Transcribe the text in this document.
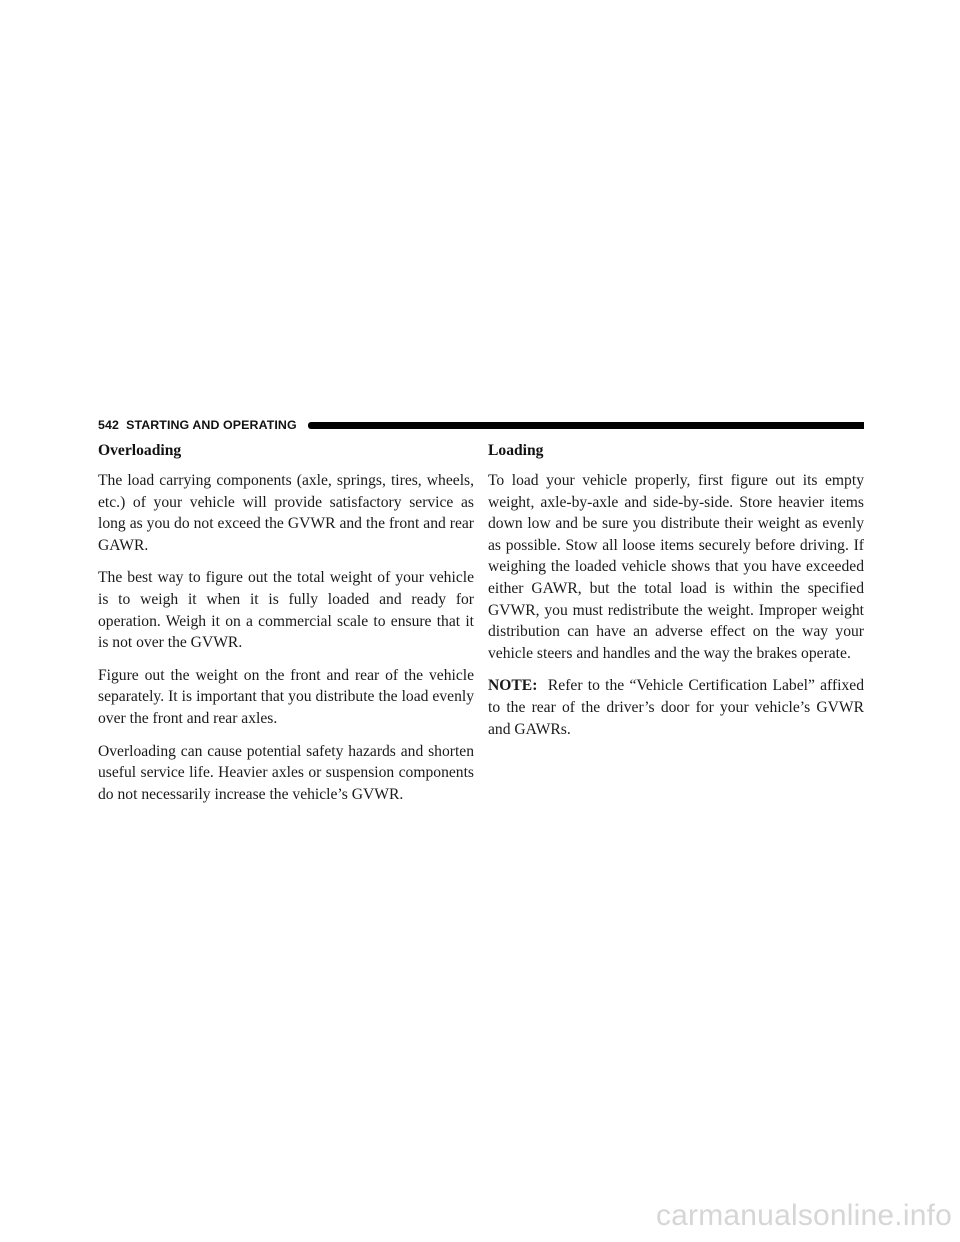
542 STARTING AND OPERATING
Overloading

The load carrying components (axle, springs, tires, wheels, etc.) of your vehicle will provide satisfactory service as long as you do not exceed the GVWR and the front and rear GAWR.

The best way to figure out the total weight of your vehicle is to weigh it when it is fully loaded and ready for operation. Weigh it on a commercial scale to ensure that it is not over the GVWR.

Figure out the weight on the front and rear of the vehicle separately. It is important that you distribute the load evenly over the front and rear axles.

Overloading can cause potential safety hazards and shorten useful service life. Heavier axles or suspension components do not necessarily increase the vehicle’s GVWR.

Loading

To load your vehicle properly, first figure out its empty weight, axle-by-axle and side-by-side. Store heavier items down low and be sure you distribute their weight as evenly as possible. Stow all loose items securely before driving. If weighing the loaded vehicle shows that you have exceeded either GAWR, but the total load is within the specified GVWR, you must redistribute the weight. Improper weight distribution can have an adverse effect on the way your vehicle steers and handles and the way the brakes operate.

NOTE: Refer to the “Vehicle Certification Label” affixed to the rear of the driver’s door for your vehicle’s GVWR and GAWRs.

carmanualsonline.info
